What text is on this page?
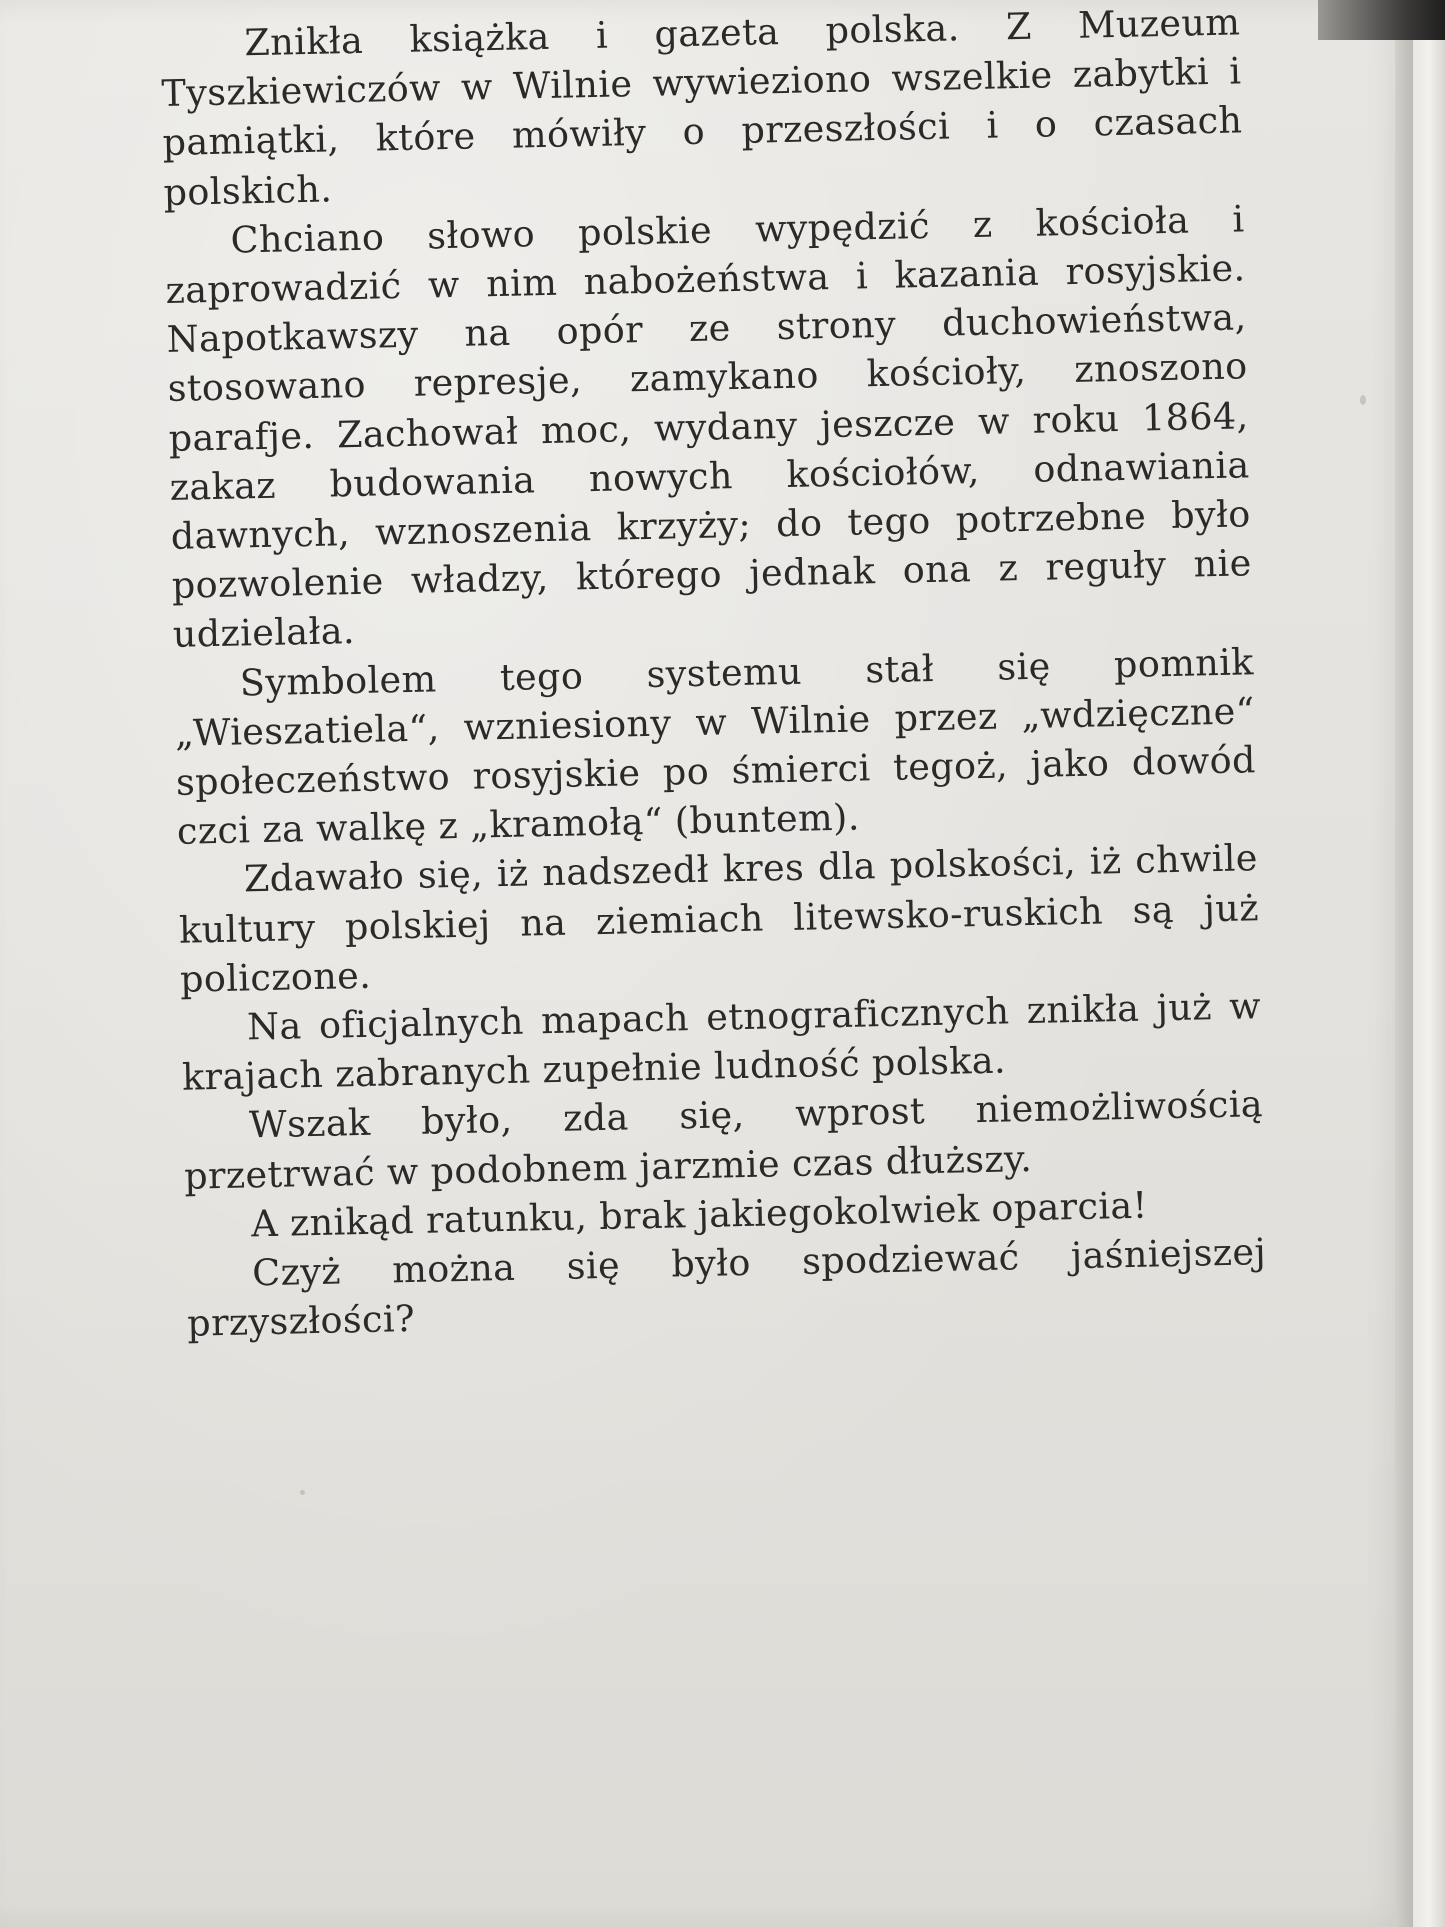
Znikła książka i gazeta polska. Z Muzeum Tyszkiewiczów w Wilnie wywieziono wszelkie zabytki i pamiątki, które mówiły o przeszłości i o czasach polskich.

Chciano słowo polskie wypędzić z kościoła i zaprowadzić w nim nabożeństwa i kazania rosyjskie. Napotkawszy na opór ze strony duchowieństwa, stosowano represje, zamykano kościoły, znoszono parafje. Zachował moc, wydany jeszcze w roku 1864, zakaz budowania nowych kościołów, odnawiania dawnych, wznoszenia krzyży; do tego potrzebne było pozwolenie władzy, którego jednak ona z reguły nie udzielała.

Symbolem tego systemu stał się pomnik „Wieszatiela“, wzniesiony w Wilnie przez „wdzięczne“ społeczeństwo rosyjskie po śmierci tegoż, jako dowód czci za walkę z „kramołą“ (buntem).

Zdawało się, iż nadszedł kres dla polskości, iż chwile kultury polskiej na ziemiach litewsko-ruskich są już policzone.

Na oficjalnych mapach etnograficznych znikła już w krajach zabranych zupełnie ludność polska.

Wszak było, zda się, wprost niemożliwością przetrwać w podobnem jarzmie czas dłuższy.

A znikąd ratunku, brak jakiegokolwiek oparcia!

Czyż można się było spodziewać jaśniejszej przyszłości?
